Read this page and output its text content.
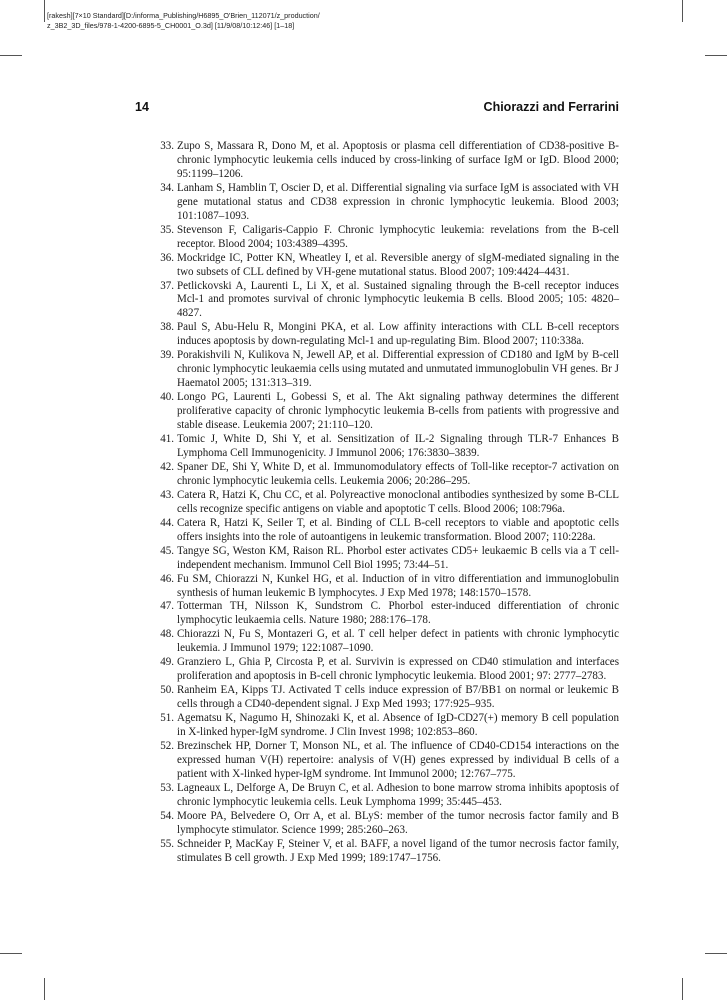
[rakesh][7×10 Standard][D:/informa_Publishing/H6895_O'Brien_112071/z_production/
z_3B2_3D_files/978-1-4200-6895-5_CH0001_O.3d] [11/9/08/10:12:46] [1–18]
14	Chiorazzi and Ferrarini
33. Zupo S, Massara R, Dono M, et al. Apoptosis or plasma cell differentiation of CD38-positive B-chronic lymphocytic leukemia cells induced by cross-linking of surface IgM or IgD. Blood 2000; 95:1199–1206.
34. Lanham S, Hamblin T, Oscier D, et al. Differential signaling via surface IgM is associated with VH gene mutational status and CD38 expression in chronic lymphocytic leukemia. Blood 2003; 101:1087–1093.
35. Stevenson F, Caligaris-Cappio F. Chronic lymphocytic leukemia: revelations from the B-cell receptor. Blood 2004; 103:4389–4395.
36. Mockridge IC, Potter KN, Wheatley I, et al. Reversible anergy of sIgM-mediated signaling in the two subsets of CLL defined by VH-gene mutational status. Blood 2007; 109:4424–4431.
37. Petlickovski A, Laurenti L, Li X, et al. Sustained signaling through the B-cell receptor induces Mcl-1 and promotes survival of chronic lymphocytic leukemia B cells. Blood 2005; 105: 4820–4827.
38. Paul S, Abu-Helu R, Mongini PKA, et al. Low affinity interactions with CLL B-cell receptors induces apoptosis by down-regulating Mcl-1 and up-regulating Bim. Blood 2007; 110:338a.
39. Porakishvili N, Kulikova N, Jewell AP, et al. Differential expression of CD180 and IgM by B-cell chronic lymphocytic leukaemia cells using mutated and unmutated immunoglobulin VH genes. Br J Haematol 2005; 131:313–319.
40. Longo PG, Laurenti L, Gobessi S, et al. The Akt signaling pathway determines the different proliferative capacity of chronic lymphocytic leukemia B-cells from patients with progressive and stable disease. Leukemia 2007; 21:110–120.
41. Tomic J, White D, Shi Y, et al. Sensitization of IL-2 Signaling through TLR-7 Enhances B Lymphoma Cell Immunogenicity. J Immunol 2006; 176:3830–3839.
42. Spaner DE, Shi Y, White D, et al. Immunomodulatory effects of Toll-like receptor-7 activation on chronic lymphocytic leukemia cells. Leukemia 2006; 20:286–295.
43. Catera R, Hatzi K, Chu CC, et al. Polyreactive monoclonal antibodies synthesized by some B-CLL cells recognize specific antigens on viable and apoptotic T cells. Blood 2006; 108:796a.
44. Catera R, Hatzi K, Seiler T, et al. Binding of CLL B-cell receptors to viable and apoptotic cells offers insights into the role of autoantigens in leukemic transformation. Blood 2007; 110:228a.
45. Tangye SG, Weston KM, Raison RL. Phorbol ester activates CD5+ leukaemic B cells via a T cell-independent mechanism. Immunol Cell Biol 1995; 73:44–51.
46. Fu SM, Chiorazzi N, Kunkel HG, et al. Induction of in vitro differentiation and immunoglobulin synthesis of human leukemic B lymphocytes. J Exp Med 1978; 148:1570–1578.
47. Totterman TH, Nilsson K, Sundstrom C. Phorbol ester-induced differentiation of chronic lymphocytic leukaemia cells. Nature 1980; 288:176–178.
48. Chiorazzi N, Fu S, Montazeri G, et al. T cell helper defect in patients with chronic lymphocytic leukemia. J Immunol 1979; 122:1087–1090.
49. Granziero L, Ghia P, Circosta P, et al. Survivin is expressed on CD40 stimulation and interfaces proliferation and apoptosis in B-cell chronic lymphocytic leukemia. Blood 2001; 97: 2777–2783.
50. Ranheim EA, Kipps TJ. Activated T cells induce expression of B7/BB1 on normal or leukemic B cells through a CD40-dependent signal. J Exp Med 1993; 177:925–935.
51. Agematsu K, Nagumo H, Shinozaki K, et al. Absence of IgD-CD27(+) memory B cell population in X-linked hyper-IgM syndrome. J Clin Invest 1998; 102:853–860.
52. Brezinschek HP, Dorner T, Monson NL, et al. The influence of CD40-CD154 interactions on the expressed human V(H) repertoire: analysis of V(H) genes expressed by individual B cells of a patient with X-linked hyper-IgM syndrome. Int Immunol 2000; 12:767–775.
53. Lagneaux L, Delforge A, De Bruyn C, et al. Adhesion to bone marrow stroma inhibits apoptosis of chronic lymphocytic leukemia cells. Leuk Lymphoma 1999; 35:445–453.
54. Moore PA, Belvedere O, Orr A, et al. BLyS: member of the tumor necrosis factor family and B lymphocyte stimulator. Science 1999; 285:260–263.
55. Schneider P, MacKay F, Steiner V, et al. BAFF, a novel ligand of the tumor necrosis factor family, stimulates B cell growth. J Exp Med 1999; 189:1747–1756.
